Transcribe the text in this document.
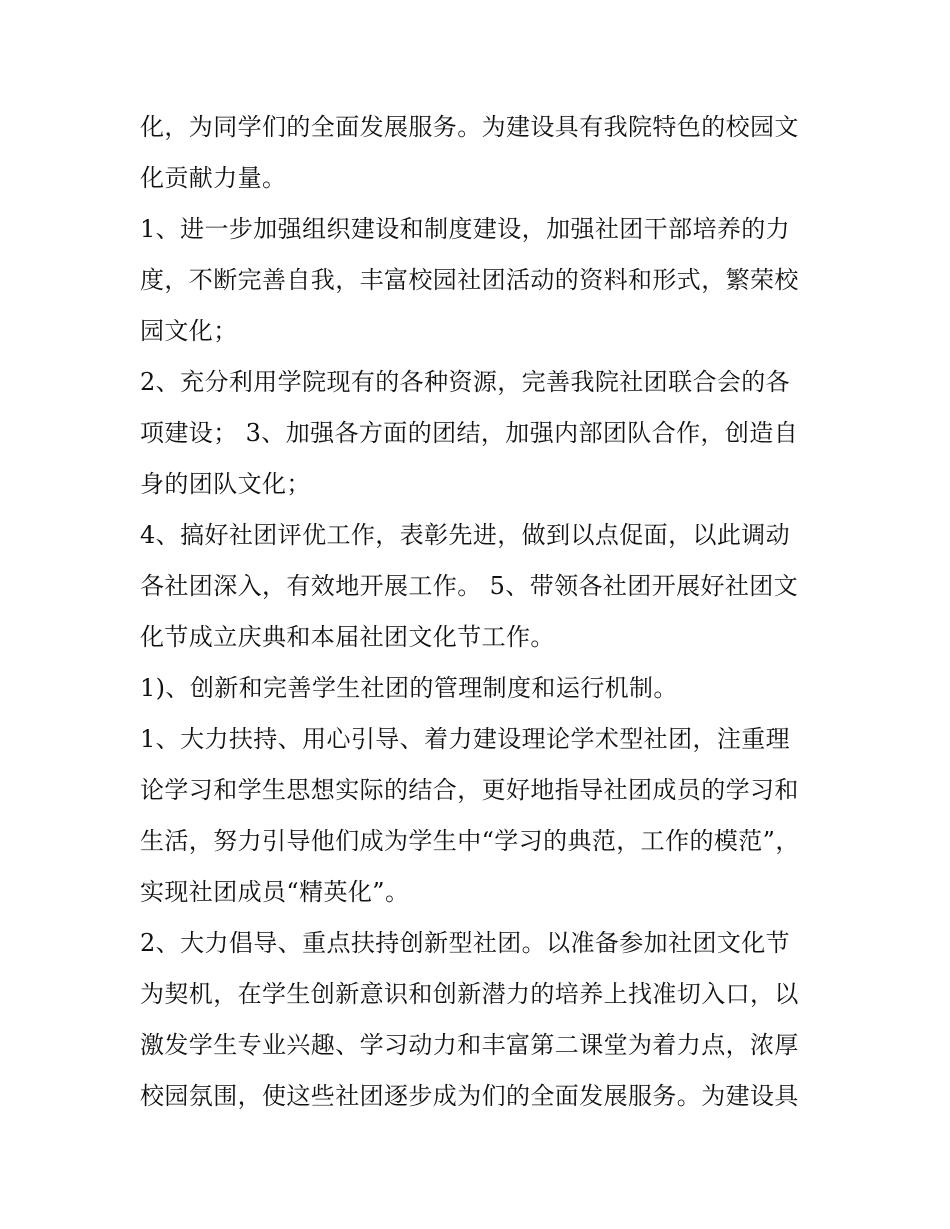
化，为同学们的全面发展服务。为建设具有我院特色的校园文
化贡献力量。
1、进一步加强组织建设和制度建设，加强社团干部培养的力
度，不断完善自我，丰富校园社团活动的资料和形式，繁荣校
园文化；
2、充分利用学院现有的各种资源，完善我院社团联合会的各
项建设； 3、加强各方面的团结，加强内部团队合作，创造自
身的团队文化；
4、搞好社团评优工作，表彰先进，做到以点促面，以此调动
各社团深入，有效地开展工作。 5、带领各社团开展好社团文
化节成立庆典和本届社团文化节工作。
1)、创新和完善学生社团的管理制度和运行机制。
1、大力扶持、用心引导、着力建设理论学术型社团，注重理
论学习和学生思想实际的结合，更好地指导社团成员的学习和
生活，努力引导他们成为学生中“学习的典范，工作的模范”，
实现社团成员“精英化”。
2、大力倡导、重点扶持创新型社团。以准备参加社团文化节
为契机，在学生创新意识和创新潜力的培养上找准切入口，以
激发学生专业兴趣、学习动力和丰富第二课堂为着力点，浓厚
校园氛围，使这些社团逐步成为们的全面发展服务。为建设具
